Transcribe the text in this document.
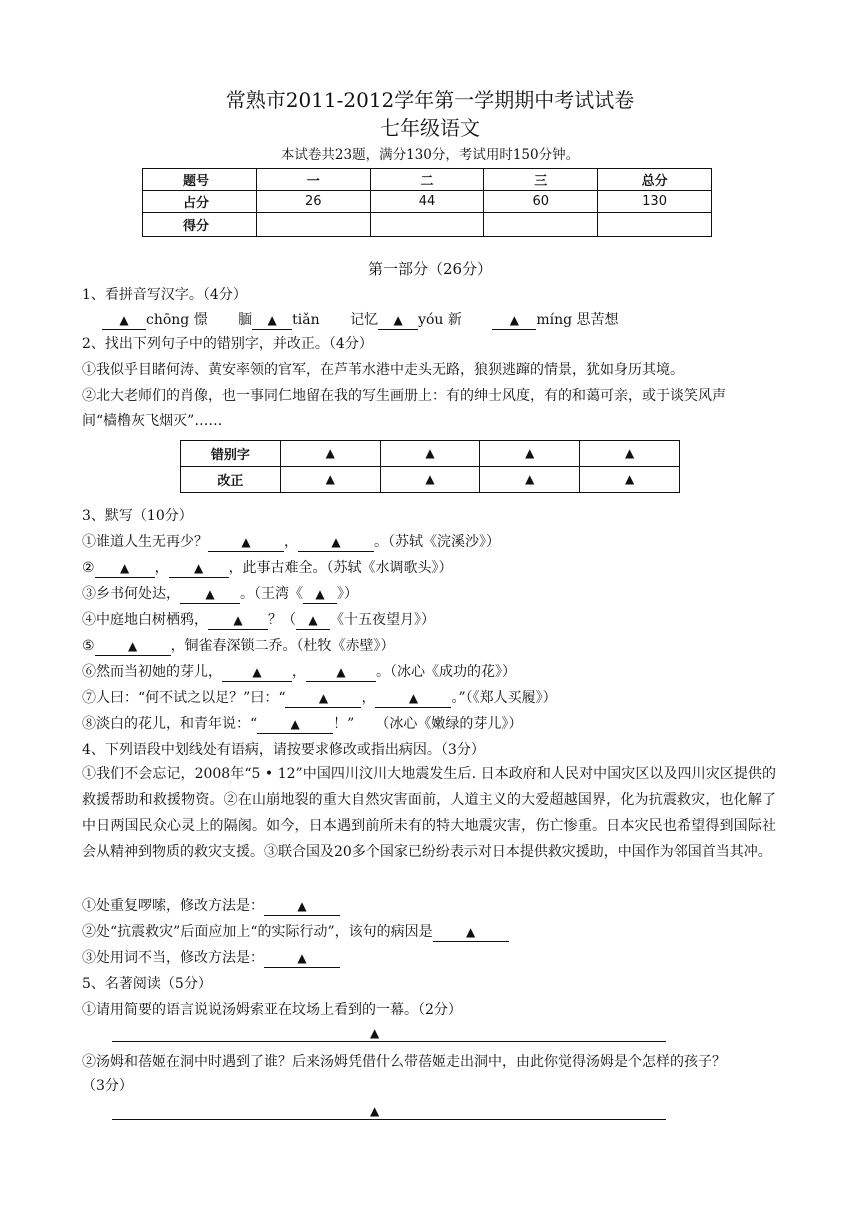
常熟市2011-2012学年第一学期期中考试试卷
七年级语文
本试卷共23题，满分130分，考试用时150分钟。
题号	一	二	三	总分
占分	26	44	60	130
得分				
第一部分（26分）
1、看拼音写汉字。（4分）
▲ chōng 憬 腼 ▲ tiǎn 记忆 ▲ yóu 新	▲ míng 思苦想
2、找出下列句子中的错别字，并改正。（4分）
①我似乎目睹何涛、黄安率领的官军，在芦苇水港中走头无路，狼狈逃蹿的情景，犹如身历其境。
②北大老师们的肖像，也一事同仁地留在我的写生画册上：有的绅士风度，有的和蔼可亲，或于谈笑风声
间“樯橹灰飞烟灭”……
错别字	▲	▲	▲	▲
改正	▲	▲	▲	▲
3、默写（10分）
①谁道人生无再少？	▲ ，	▲ 。（苏轼《浣溪沙》）
② ▲ ， ▲ ，此事古难全。（苏轼《水调歌头》）
③乡书何处达， ▲ 。（王湾《 ▲ 》）
④中庭地白树栖鸦， ▲ ？（ ▲ 《十五夜望月》）
⑤	▲ ，铜雀春深锁二乔。（杜牧《赤壁》）
⑥然而当初她的芽儿，	▲ ，	▲ 。（冰心《成功的花》）
⑦人曰：“何不试之以足？”曰：“	▲ ，	▲ 。”（《郑人买履》）
⑧淡白的花儿，和青年说：“	▲ ！”　　（冰心《嫩绿的芽儿》）
4、下列语段中划线处有语病，请按要求修改或指出病因。（3分）
①我们不会忘记，2008年“5 • 12”中国四川汶川大地震发生后. 日本政府和人民对中国灾区以及四川灾区提供的救援帮助和救援物资。②在山崩地裂的重大自然灾害面前，人道主义的大爱超越国界，化为抗震救灾，也化解了中日两国民众心灵上的隔阂。如今，日本遇到前所未有的特大地震灾害，伤亡惨重。日本灾民也希望得到国际社会从精神到物质的救灾支援。③联合国及20多个国家已纷纷表示对日本提供救灾援助，中国作为邻国首当其冲。
①处重复啰嗦，修改方法是：	▲
②处“抗震救灾”后面应加上“的实际行动”，该句的病因是	▲
③处用词不当，修改方法是：	▲
5、名著阅读（5分）
①请用简要的语言说说汤姆索亚在坟场上看到的一幕。（2分）
▲
②汤姆和蓓姬在洞中时遇到了谁？后来汤姆凭借什么带蓓姬走出洞中，由此你觉得汤姆是个怎样的孩子？
（3分）
▲
